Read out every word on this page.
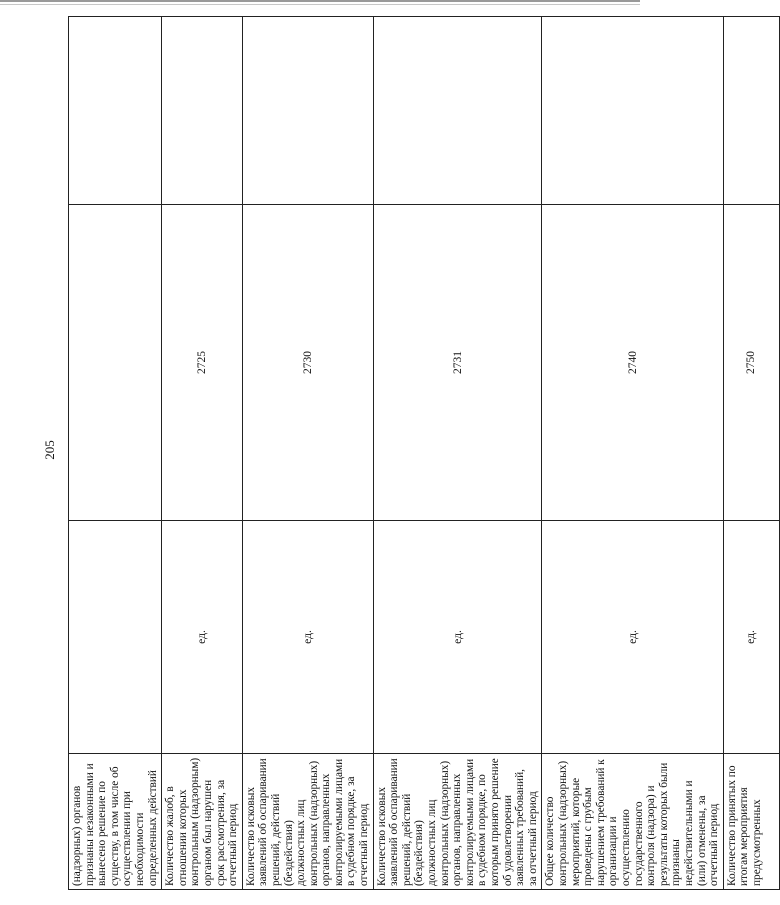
205
(надзорных) органов признаны незаконными и вынесено решение по существу, в том числе об осуществлении при необходимости определенных действий			
Количество жалоб, в отношении которых контрольным (надзорным) органом был нарушен срок рассмотрения, за отчетный период	ед.	2725	
Количество исковых заявлений об оспаривании решений, действий (бездействия) должностных лиц контрольных (надзорных) органов, направленных контролируемыми лицами в судебном порядке, за отчетный период	ед.	2730	
Количество исковых заявлений об оспаривании решений, действий (бездействия) должностных лиц контрольных (надзорных) органов, направленных контролируемыми лицами в судебном порядке, по которым принято решение об удовлетворении заявленных требований, за отчетный период	ед.	2731	
Общее количество контрольных (надзорных) мероприятий, которые проведены с грубым нарушением требований к организации и осуществлению государственного контроля (надзора) и результаты которых были признаны недействительными и (или) отменены, за отчетный период	ед.	2740	
Количество принятых по итогам мероприятия предусмотренных	ед.	2750	
